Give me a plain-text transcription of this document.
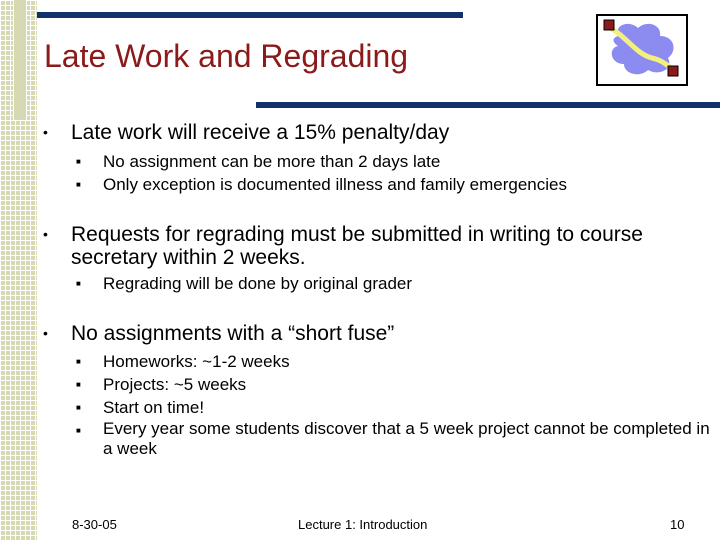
Late Work and Regrading
• Late work will receive a 15% penalty/day
■ No assignment can be more than 2 days late
■ Only exception is documented illness and family emergencies
• Requests for regrading must be submitted in writing to course secretary within 2 weeks.
■ Regrading will be done by original grader
• No assignments with a “short fuse”
■ Homeworks: ~1-2 weeks
■ Projects: ~5 weeks
■ Start on time!
■ Every year some students discover that a 5 week project cannot be completed in a week
8-30-05	Lecture 1: Introduction	10
